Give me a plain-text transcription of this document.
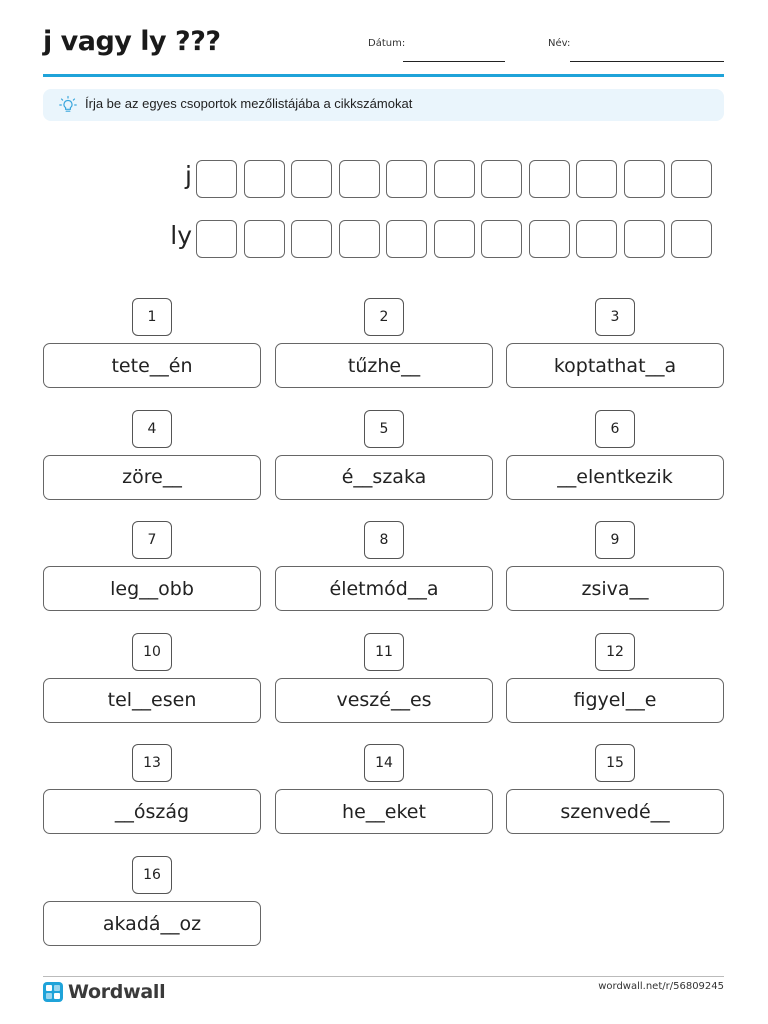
j vagy ly ???	Dátum:	Név:
Írja be az egyes csoportok mezőlistájába a cikkszámokat
j
ly
1
tete__én
2
tűzhe__
3
koptathat__a
4
zöre__
5
é__szaka
6
__elentkezik
7
leg__obb
8
életmód__a
9
zsiva__
10
tel__esen
11
veszé__es
12
figyel__e
13
__ószág
14
he__eket
15
szenvedé__
16
akadá__oz
Wordwall	wordwall.net/r/56809245
